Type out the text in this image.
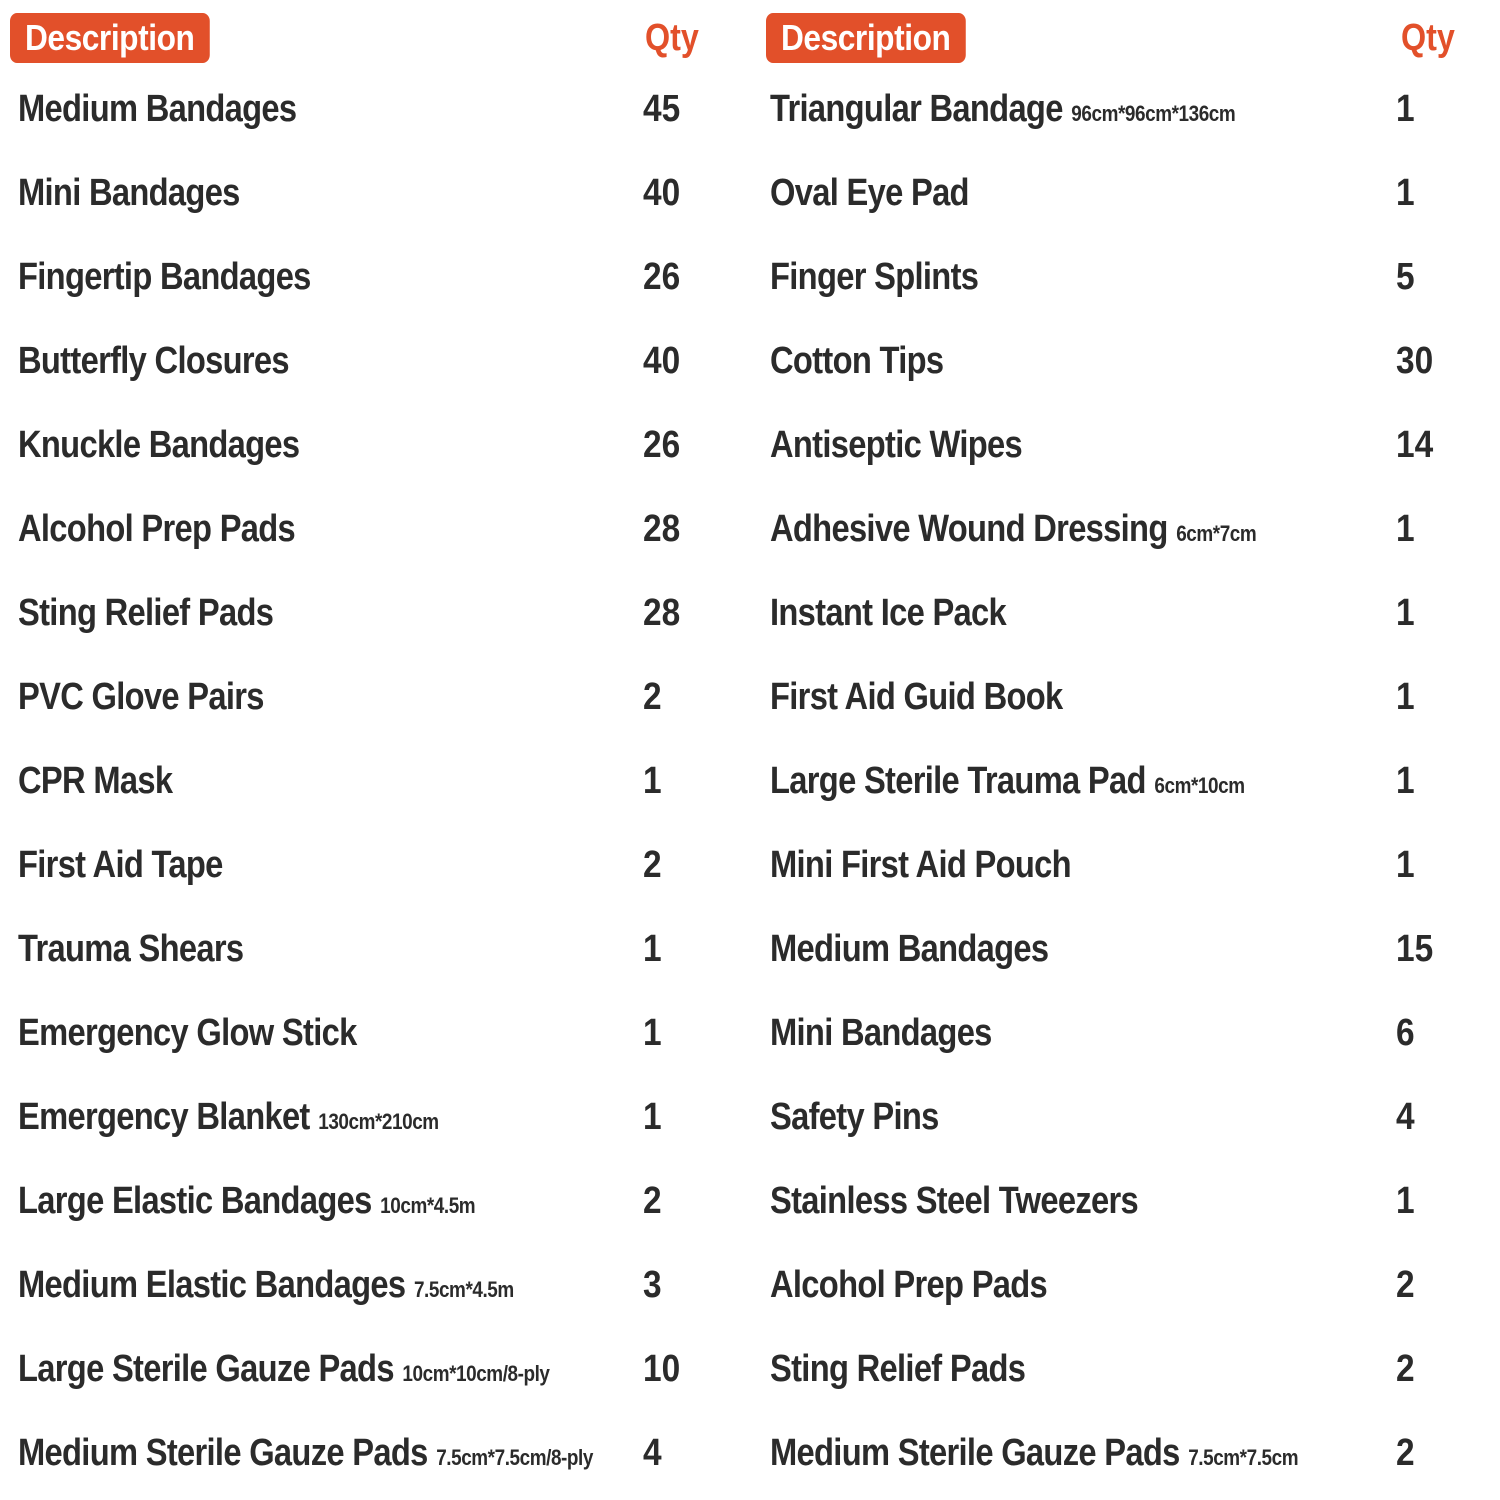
Description	Qty
Medium Bandages	45
Mini Bandages	40
Fingertip Bandages	26
Butterfly Closures	40
Knuckle Bandages	26
Alcohol Prep Pads	28
Sting Relief Pads	28
PVC Glove Pairs	2
CPR Mask	1
First Aid Tape	2
Trauma Shears	1
Emergency Glow Stick	1
Emergency Blanket 130cm*210cm	1
Large Elastic Bandages 10cm*4.5m	2
Medium Elastic Bandages 7.5cm*4.5m	3
Large Sterile Gauze Pads 10cm*10cm/8-ply 10
Medium Sterile Gauze Pads 7.5cm*7.5cm/8-ply 4
Description	Qty
Triangular Bandage 96cm*96cm*136cm	1
Oval Eye Pad	1
Finger Splints	5
Cotton Tips	30
Antiseptic Wipes	14
Adhesive Wound Dressing 6cm*7cm	1
Instant Ice Pack	1
First Aid Guid Book	1
Large Sterile Trauma Pad 6cm*10cm	1
Mini First Aid Pouch	1
Medium Bandages	15
Mini Bandages	6
Safety Pins	4
Stainless Steel Tweezers	1
Alcohol Prep Pads	2
Sting Relief Pads	2
Medium Sterile Gauze Pads 7.5cm*7.5cm	2
